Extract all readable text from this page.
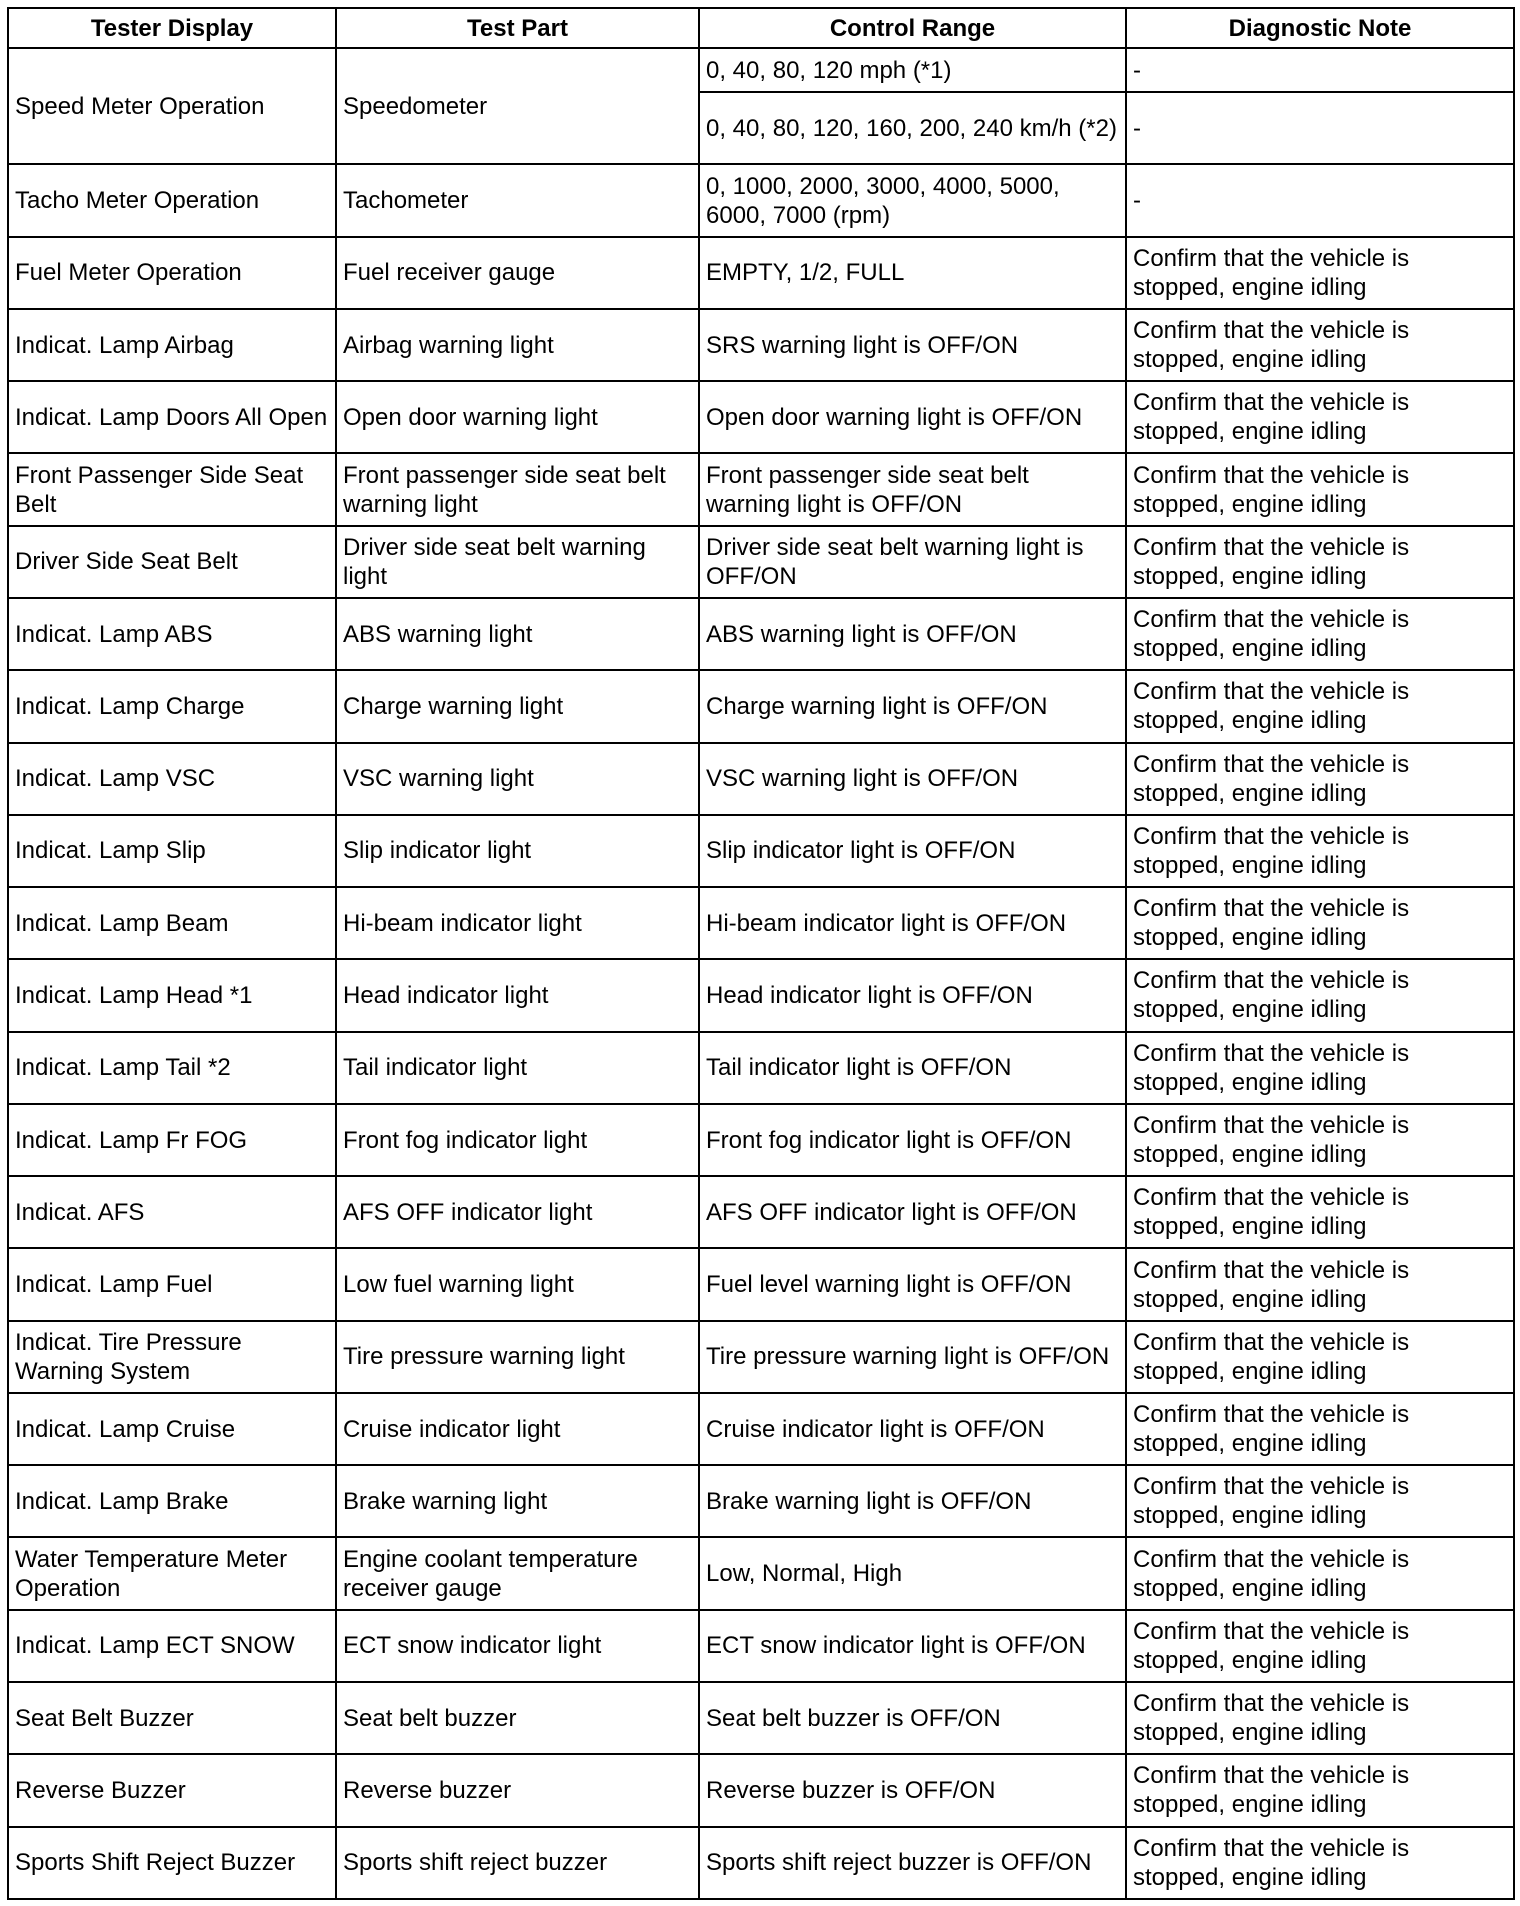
Tester Display	Test Part	Control Range	Diagnostic Note
Speed Meter Operation	Speedometer	0, 40, 80, 120 mph (*1)	-
		0, 40, 80, 120, 160, 200, 240 km/h (*2)	-
Tacho Meter Operation	Tachometer	0, 1000, 2000, 3000, 4000, 5000, 6000, 7000 (rpm)	-
Fuel Meter Operation	Fuel receiver gauge	EMPTY, 1/2, FULL	Confirm that the vehicle is stopped, engine idling
Indicat. Lamp Airbag	Airbag warning light	SRS warning light is OFF/ON	Confirm that the vehicle is stopped, engine idling
Indicat. Lamp Doors All Open	Open door warning light	Open door warning light is OFF/ON	Confirm that the vehicle is stopped, engine idling
Front Passenger Side Seat Belt	Front passenger side seat belt warning light	Front passenger side seat belt warning light is OFF/ON	Confirm that the vehicle is stopped, engine idling
Driver Side Seat Belt	Driver side seat belt warning light	Driver side seat belt warning light is OFF/ON	Confirm that the vehicle is stopped, engine idling
Indicat. Lamp ABS	ABS warning light	ABS warning light is OFF/ON	Confirm that the vehicle is stopped, engine idling
Indicat. Lamp Charge	Charge warning light	Charge warning light is OFF/ON	Confirm that the vehicle is stopped, engine idling
Indicat. Lamp VSC	VSC warning light	VSC warning light is OFF/ON	Confirm that the vehicle is stopped, engine idling
Indicat. Lamp Slip	Slip indicator light	Slip indicator light is OFF/ON	Confirm that the vehicle is stopped, engine idling
Indicat. Lamp Beam	Hi-beam indicator light	Hi-beam indicator light is OFF/ON	Confirm that the vehicle is stopped, engine idling
Indicat. Lamp Head *1	Head indicator light	Head indicator light is OFF/ON	Confirm that the vehicle is stopped, engine idling
Indicat. Lamp Tail *2	Tail indicator light	Tail indicator light is OFF/ON	Confirm that the vehicle is stopped, engine idling
Indicat. Lamp Fr FOG	Front fog indicator light	Front fog indicator light is OFF/ON	Confirm that the vehicle is stopped, engine idling
Indicat. AFS	AFS OFF indicator light	AFS OFF indicator light is OFF/ON	Confirm that the vehicle is stopped, engine idling
Indicat. Lamp Fuel	Low fuel warning light	Fuel level warning light is OFF/ON	Confirm that the vehicle is stopped, engine idling
Indicat. Tire Pressure Warning System	Tire pressure warning light	Tire pressure warning light is OFF/ON	Confirm that the vehicle is stopped, engine idling
Indicat. Lamp Cruise	Cruise indicator light	Cruise indicator light is OFF/ON	Confirm that the vehicle is stopped, engine idling
Indicat. Lamp Brake	Brake warning light	Brake warning light is OFF/ON	Confirm that the vehicle is stopped, engine idling
Water Temperature Meter Operation	Engine coolant temperature receiver gauge	Low, Normal, High	Confirm that the vehicle is stopped, engine idling
Indicat. Lamp ECT SNOW	ECT snow indicator light	ECT snow indicator light is OFF/ON	Confirm that the vehicle is stopped, engine idling
Seat Belt Buzzer	Seat belt buzzer	Seat belt buzzer is OFF/ON	Confirm that the vehicle is stopped, engine idling
Reverse Buzzer	Reverse buzzer	Reverse buzzer is OFF/ON	Confirm that the vehicle is stopped, engine idling
Sports Shift Reject Buzzer	Sports shift reject buzzer	Sports shift reject buzzer is OFF/ON	Confirm that the vehicle is stopped, engine idling
